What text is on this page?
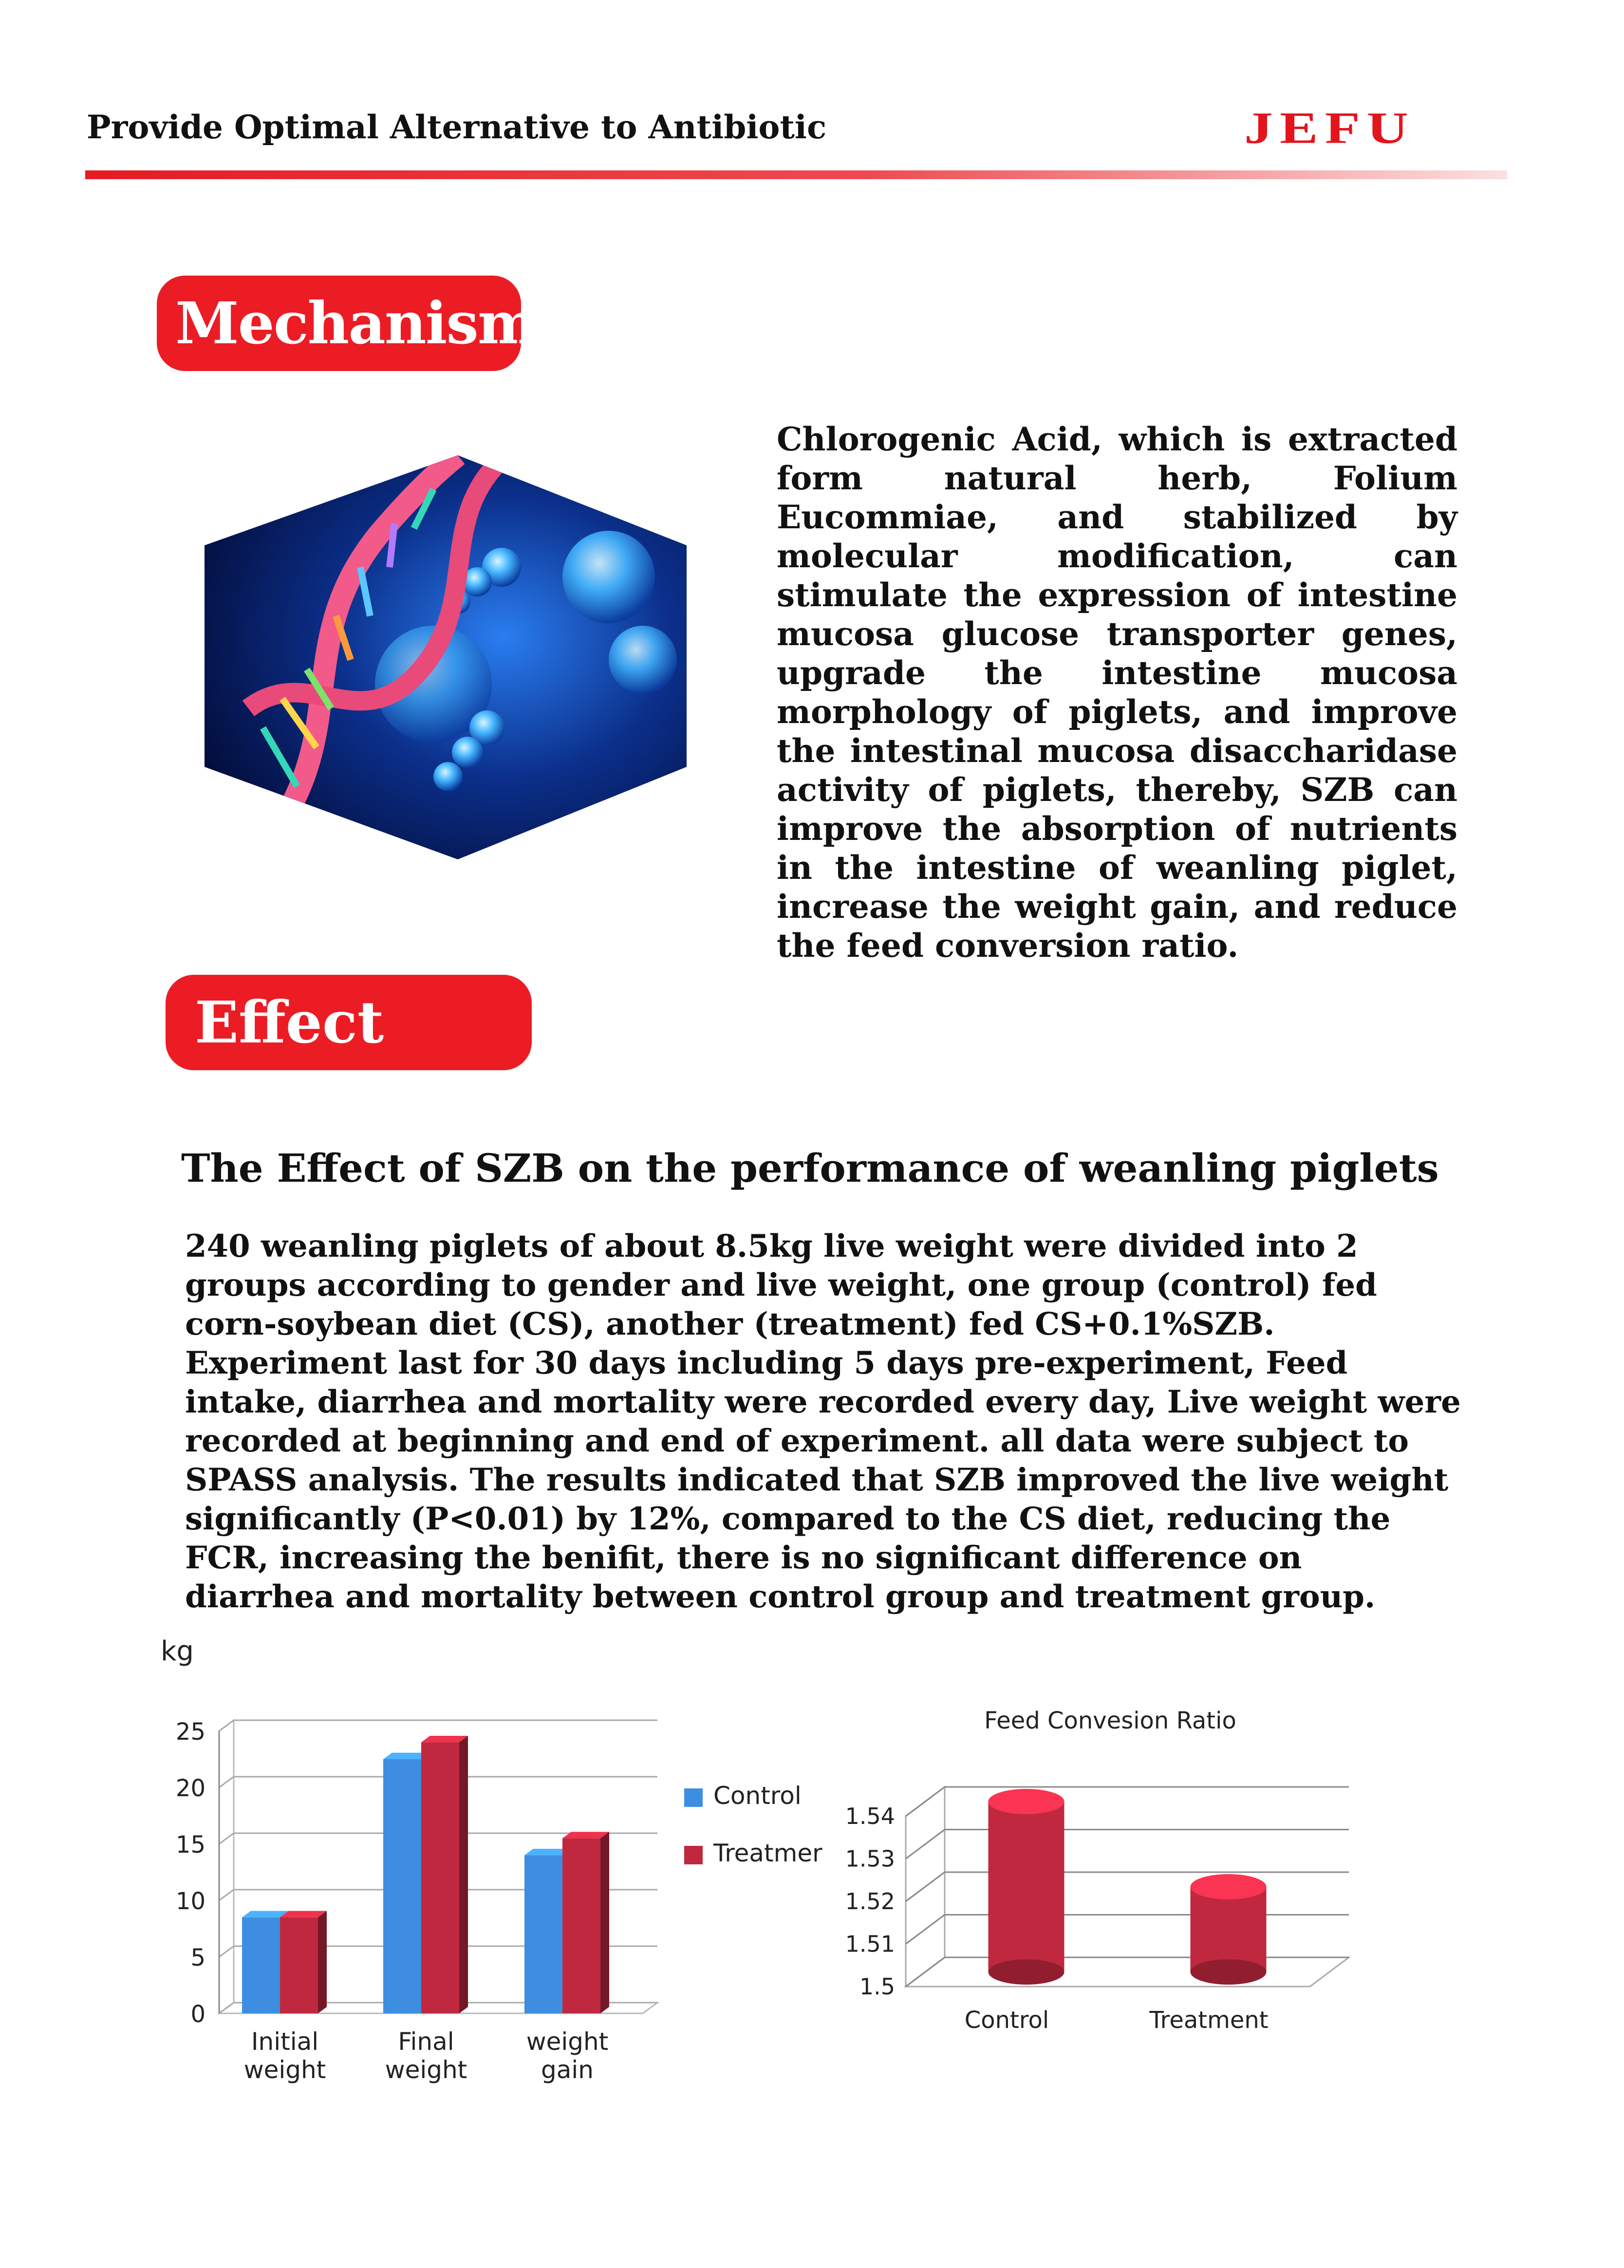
Provide Optimal Alternative to Antibiotic	JEFU
Mechanism
Chlorogenic Acid, which is extracted form natural herb, Folium Eucommiae, and stabilized by molecular modification, can stimulate the expression of intestine mucosa glucose transporter genes, upgrade the intestine mucosa morphology of piglets, and improve the intestinal mucosa disaccharidase activity of piglets, thereby, SZB can improve the absorption of nutrients in the intestine of weanling piglet, increase the weight gain, and reduce the feed conversion ratio.
Effect
The Effect of SZB on the performance of weanling piglets
240 weanling piglets of about 8.5kg live weight were divided into 2 groups according to gender and live weight, one group (control) fed corn-soybean diet (CS), another (treatment) fed CS+0.1%SZB. Experiment last for 30 days including 5 days pre-experiment, Feed intake, diarrhea and mortality were recorded every day, Live weight were recorded at beginning and end of experiment. all data were subject to SPASS analysis. The results indicated that SZB improved the live weight significantly (P<0.01) by 12%, compared to the CS diet, reducing the FCR, increasing the benifit, there is no significant difference on diarrhea and mortality between control group and treatment group.
kg
0
5
10
15
20
25
Initial
weight
Final
weight
weight
gain
Control
Treatmer
Feed Convesion Ratio
1.5
1.51
1.52
1.53
1.54
Control	Treatment
